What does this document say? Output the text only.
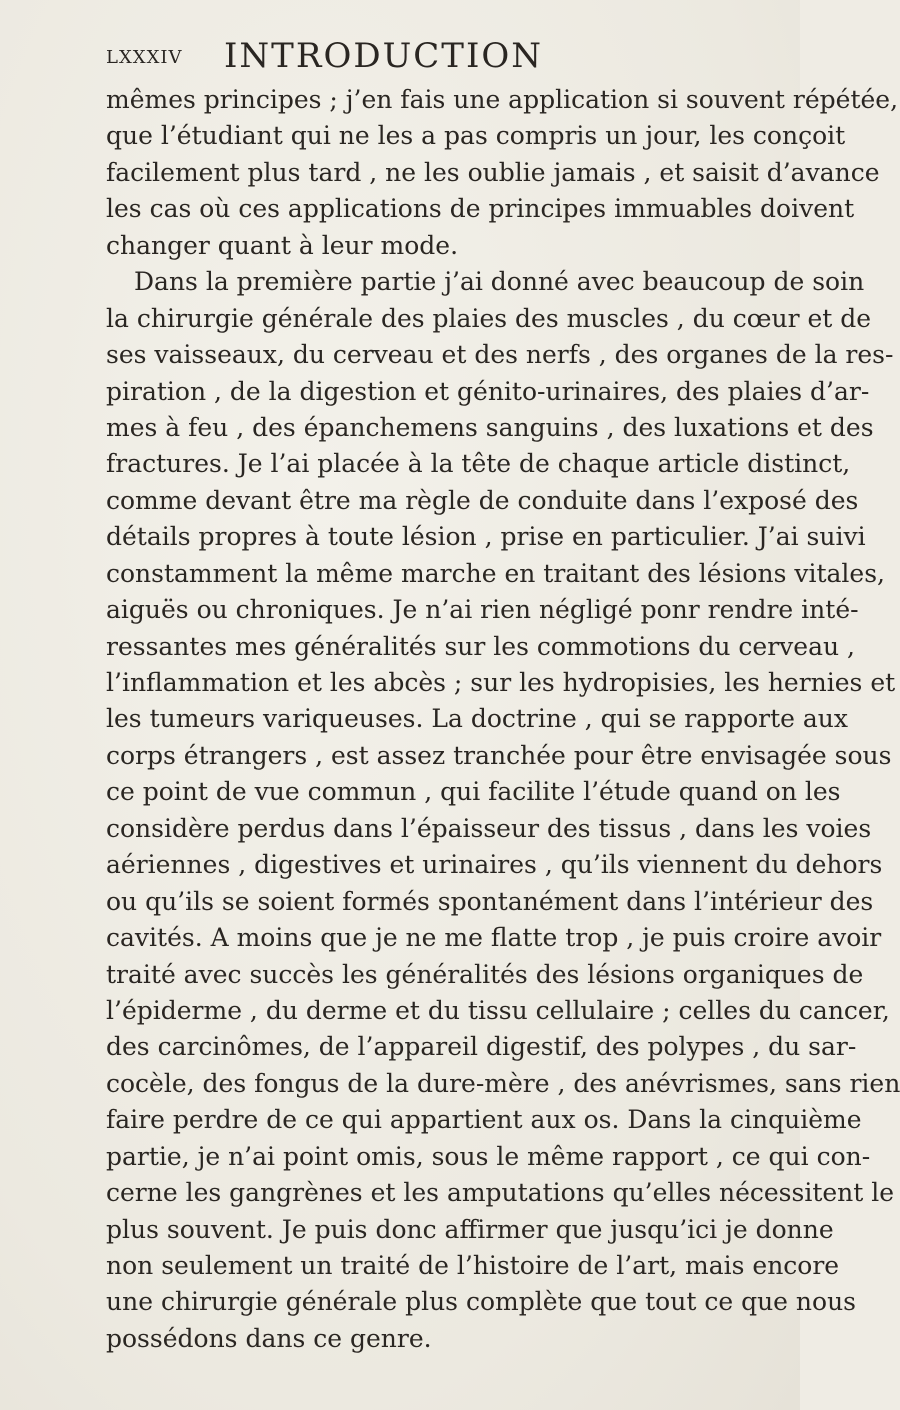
lxxxiv INTRODUCTION
mêmes principes ; j’en fais une application si souvent répétée,
que l’étudiant qui ne les a pas compris un jour, les conçoit
facilement plus tard , ne les oublie jamais , et saisit d’avance
les cas où ces applications de principes immuables doivent
changer quant à leur mode.
Dans la première partie j’ai donné avec beaucoup de soin
la chirurgie générale des plaies des muscles , du cœur et de
ses vaisseaux, du cerveau et des nerfs , des organes de la res-
piration , de la digestion et génito-urinaires, des plaies d’ar-
mes à feu , des épanchemens sanguins , des luxations et des
fractures. Je l’ai placée à la tête de chaque article distinct,
comme devant être ma règle de conduite dans l’exposé des
détails propres à toute lésion , prise en particulier. J’ai suivi
constamment la même marche en traitant des lésions vitales,
aiguës ou chroniques. Je n’ai rien négligé ponr rendre inté-
ressantes mes généralités sur les commotions du cerveau ,
l’inflammation et les abcès ; sur les hydropisies, les hernies et
les tumeurs variqueuses. La doctrine , qui se rapporte aux
corps étrangers , est assez tranchée pour être envisagée sous
ce point de vue commun , qui facilite l’étude quand on les
considère perdus dans l’épaisseur des tissus , dans les voies
aériennes , digestives et urinaires , qu’ils viennent du dehors
ou qu’ils se soient formés spontanément dans l’intérieur des
cavités. A moins que je ne me flatte trop , je puis croire avoir
traité avec succès les généralités des lésions organiques de
l’épiderme , du derme et du tissu cellulaire ; celles du cancer,
des carcinômes, de l’appareil digestif, des polypes , du sar-
cocèle, des fongus de la dure-mère , des anévrismes, sans rien
faire perdre de ce qui appartient aux os. Dans la cinquième
partie, je n’ai point omis, sous le même rapport , ce qui con-
cerne les gangrènes et les amputations qu’elles nécessitent le
plus souvent. Je puis donc affirmer que jusqu’ici je donne
non seulement un traité de l’histoire de l’art, mais encore
une chirurgie générale plus complète que tout ce que nous
possédons dans ce genre.
